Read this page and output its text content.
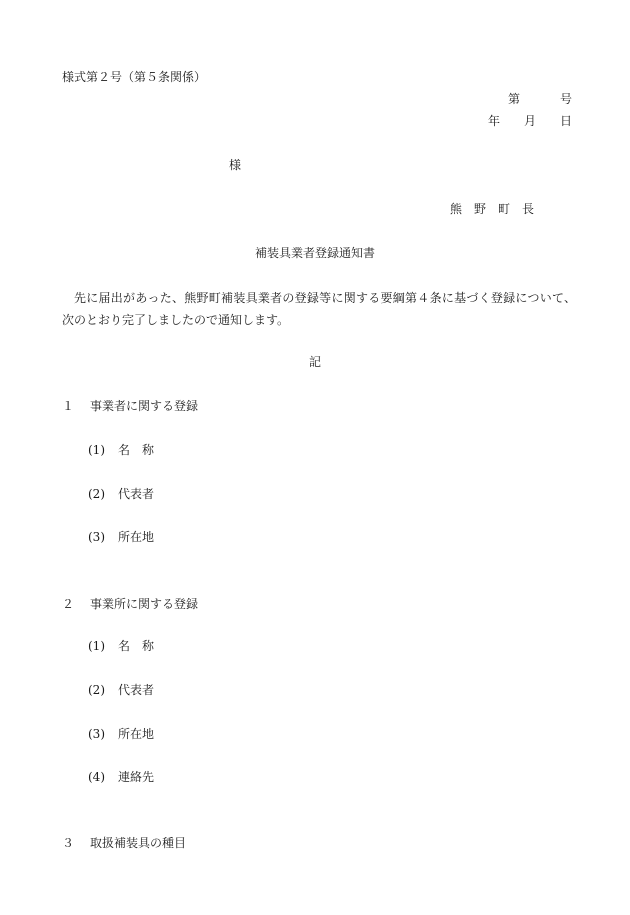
様式第２号（第５条関係）
第	号
年 月 日
様
熊　野　町　長
補装具業者登録通知書
先に届出があった、熊野町補装具業者の登録等に関する要綱第４条に基づく登録について、次のとおり完了しましたので通知します。
記
１ 事業者に関する登録
(1) 名　称
(2) 代表者
(3) 所在地
２ 事業所に関する登録
(1) 名　称
(2) 代表者
(3) 所在地
(4) 連絡先
３ 取扱補装具の種目
